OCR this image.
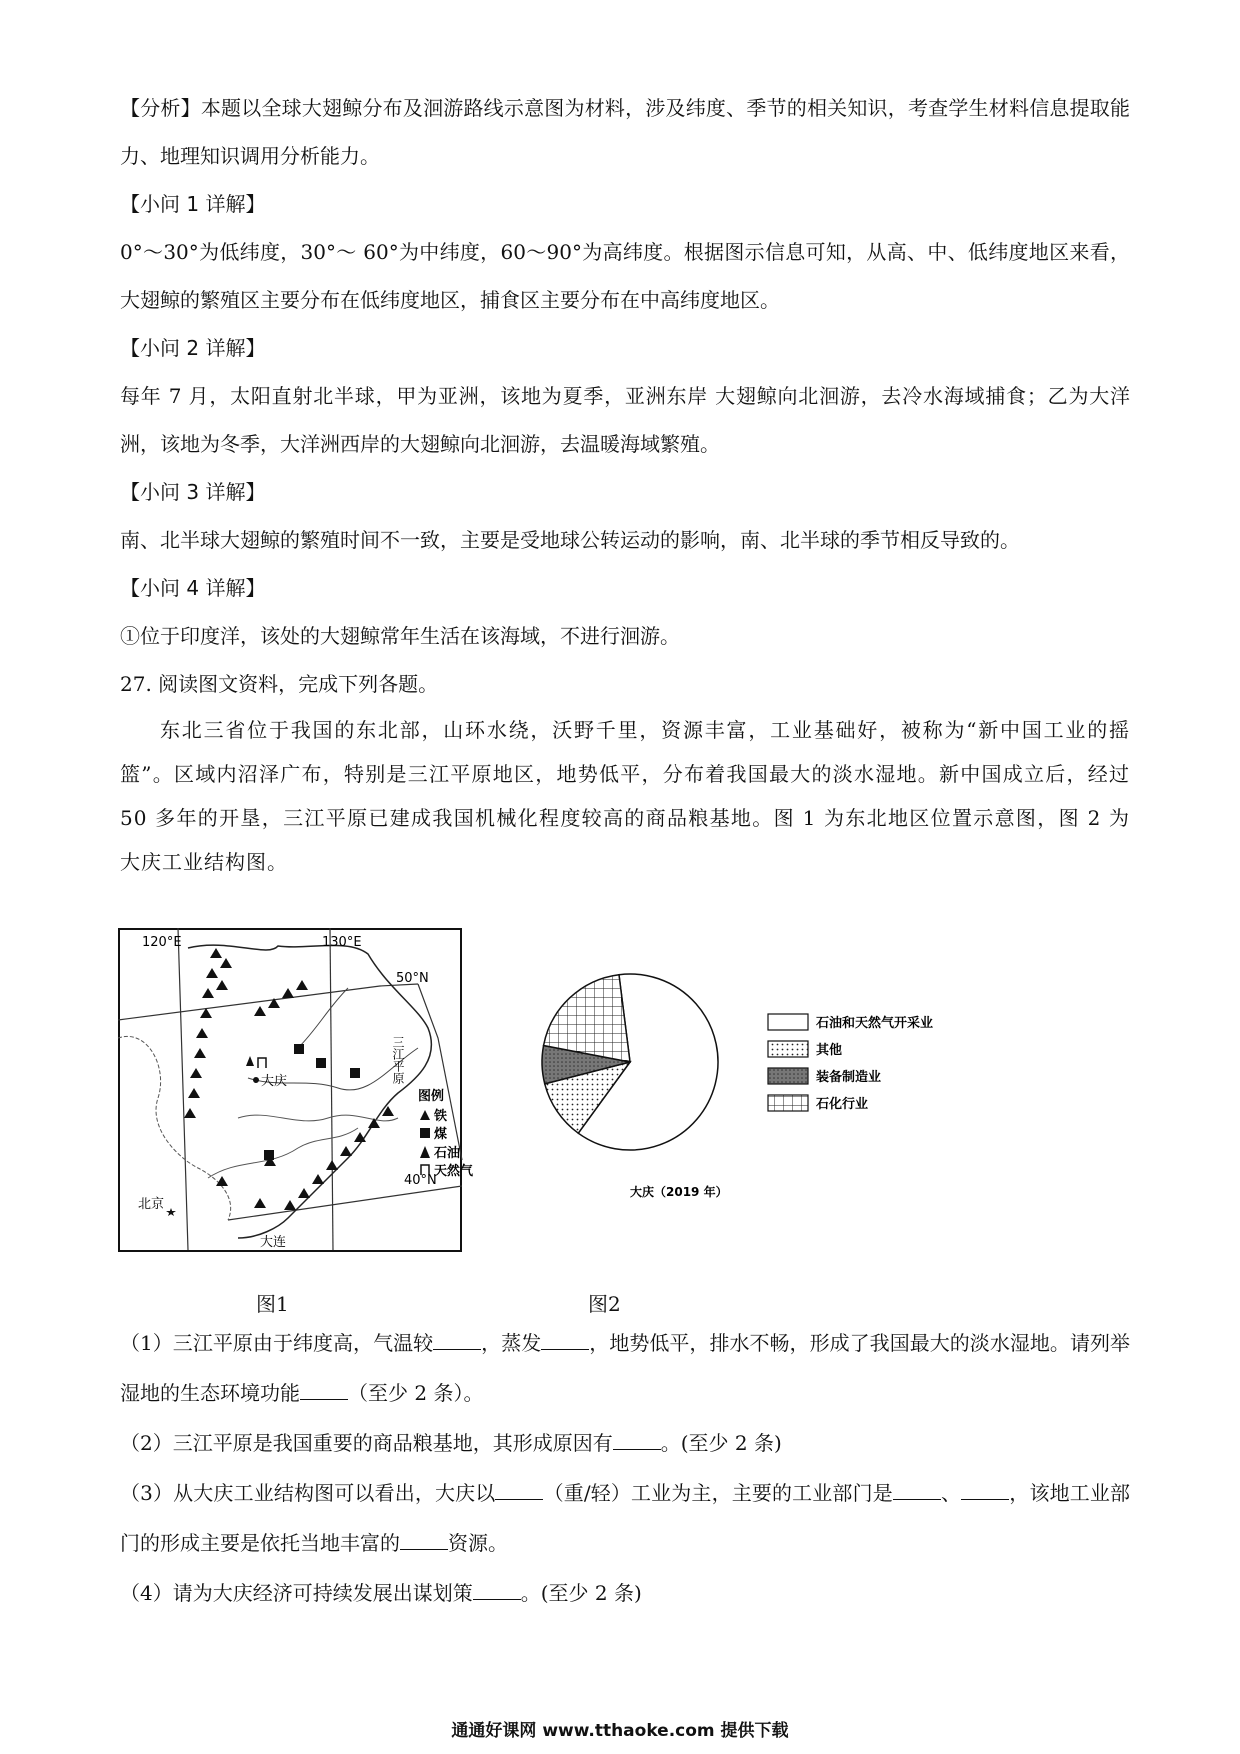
【分析】本题以全球大翅鲸分布及洄游路线示意图为材料，涉及纬度、季节的相关知识，考查学生材料信息提取能力、地理知识调用分析能力。

【小问 1 详解】

0°～30°为低纬度，30°～ 60°为中纬度，60～90°为高纬度。根据图示信息可知，从高、中、低纬度地区来看，大翅鲸的繁殖区主要分布在低纬度地区，捕食区主要分布在中高纬度地区。

【小问 2 详解】

每年 7 月，太阳直射北半球，甲为亚洲，该地为夏季，亚洲东岸 大翅鲸向北洄游，去冷水海域捕食；乙为大洋洲，该地为冬季，大洋洲西岸的大翅鲸向北洄游，去温暖海域繁殖。

【小问 3 详解】

南、北半球大翅鲸的繁殖时间不一致，主要是受地球公转运动的影响，南、北半球的季节相反导致的。

【小问 4 详解】

①位于印度洋，该处的大翅鲸常年生活在该海域，不进行洄游。

27. 阅读图文资料，完成下列各题。

东北三省位于我国的东北部，山环水绕，沃野千里，资源丰富，工业基础好，被称为“新中国工业的摇篮”。区域内沼泽广布，特别是三江平原地区，地势低平，分布着我国最大的淡水湿地。新中国成立后，经过 50 多年的开垦，三江平原已建成我国机械化程度较高的商品粮基地。图 1 为东北地区位置示意图，图 2 为大庆工业结构图。

大庆	三江平原
120°E	130°E
50°N
40°N
北京
大连
图例
铁
煤
石油
天然气
图1
石油和天然气开采业
其他
装备制造业
石化行业
大庆（2019 年）
图2

（1）三江平原由于纬度高，气温较 ，蒸发 ，地势低平，排水不畅，形成了我国最大的淡水湿地。请列举湿地的生态环境功能 （至少 2 条）。

（2）三江平原是我国重要的商品粮基地，其形成原因有 。(至少 2 条)

（3）从大庆工业结构图可以看出，大庆以 （重/轻）工业为主，主要的工业部门是 、 ，该地工业部门的形成主要是依托当地丰富的 资源。

（4）请为大庆经济可持续发展出谋划策 。(至少 2 条)

通通好课网 www.tthaoke.com 提供下载
